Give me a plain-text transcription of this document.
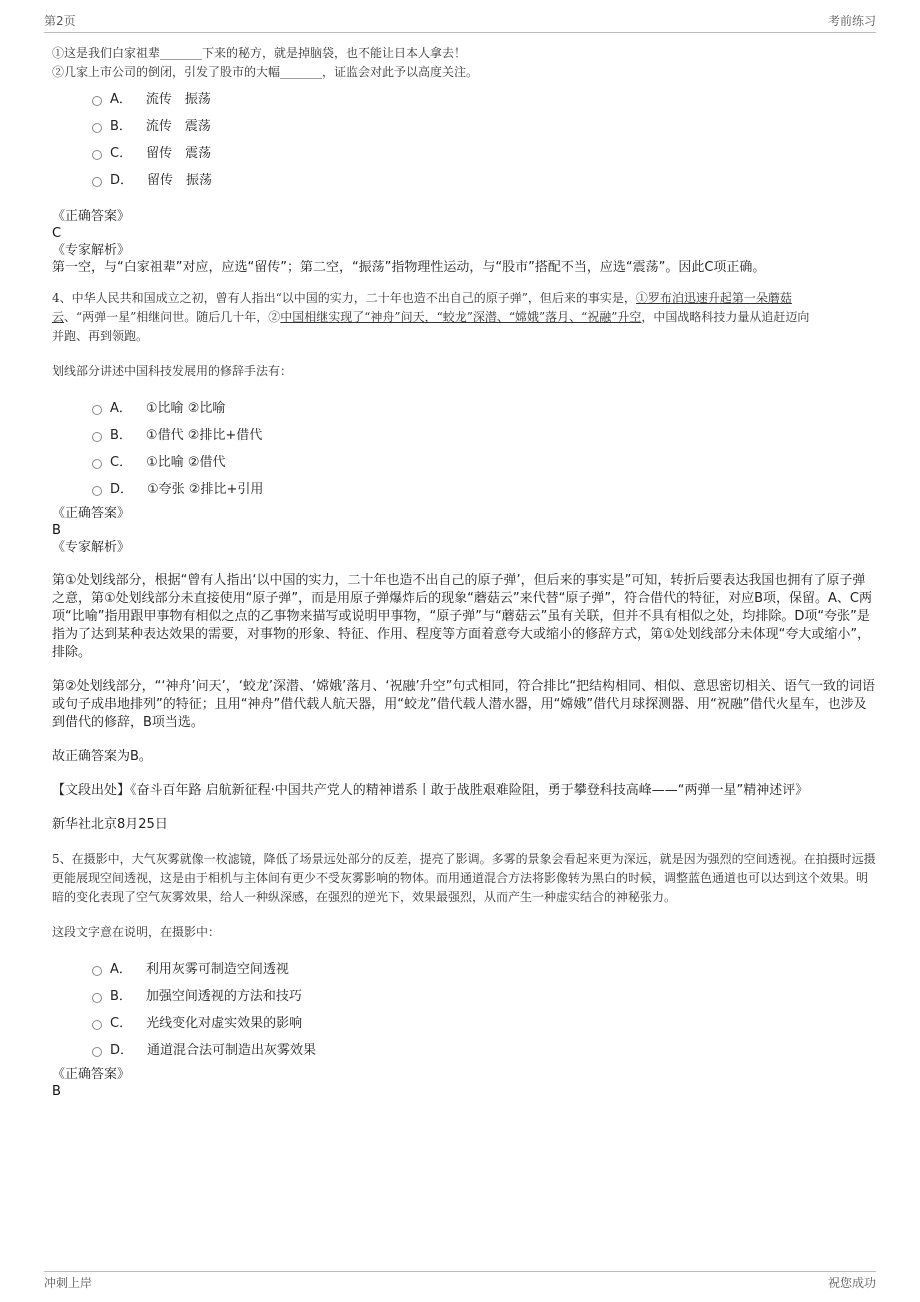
第2页	考前练习
①这是我们白家祖辈_______下来的秘方，就是掉脑袋，也不能让日本人拿去！
②几家上市公司的倒闭，引发了股市的大幅_______，证监会对此予以高度关注。
A． 流传　振荡
B． 流传　震荡
C． 留传　震荡
D． 留传　振荡
《正确答案》
C
《专家解析》
第一空，与“白家祖辈”对应，应选“留传”；第二空，“振荡”指物理性运动，与“股市”搭配不当，应选“震荡”。因此C项正确。
4、中华人民共和国成立之初，曾有人指出“以中国的实力，二十年也造不出自己的原子弹”，但后来的事实是，①罗布泊迅速升起第一朵蘑菇
云、“两弹一星”相继问世。随后几十年，②中国相继实现了“神舟”问天，“蛟龙”深潜、“嫦娥”落月、“祝融”升空，中国战略科技力量从追赶迈向
并跑、再到领跑。
划线部分讲述中国科技发展用的修辞手法有：
A． ①比喻 ②比喻
B． ①借代 ②排比+借代
C． ①比喻 ②借代
D． ①夸张 ②排比+引用
《正确答案》
B
《专家解析》
第①处划线部分，根据“曾有人指出‘以中国的实力，二十年也造不出自己的原子弹’，但后来的事实是”可知，转折后要表达我国也拥有了原子弹之意，第①处划线部分未直接使用“原子弹”，而是用原子弹爆炸后的现象“蘑菇云”来代替“原子弹”，符合借代的特征，对应B项，保留。A、C两项“比喻”指用跟甲事物有相似之点的乙事物来描写或说明甲事物，“原子弹”与“蘑菇云”虽有关联，但并不具有相似之处，均排除。D项“夸张”是指为了达到某种表达效果的需要，对事物的形象、特征、作用、程度等方面着意夸大或缩小的修辞方式，第①处划线部分未体现“夸大或缩小”，排除。
第②处划线部分，“‘神舟’问天’，‘蛟龙’深潜、‘嫦娥’落月、‘祝融’升空”句式相同，符合排比“把结构相同、相似、意思密切相关、语气一致的词语或句子成串地排列”的特征；且用“神舟”借代载人航天器，用“蛟龙”借代载人潜水器，用“嫦娥”借代月球探测器、用“祝融”借代火星车，也涉及到借代的修辞，B项当选。
故正确答案为B。
【文段出处】《奋斗百年路 启航新征程·中国共产党人的精神谱系丨敢于战胜艰难险阻，勇于攀登科技高峰——“两弹一星”精神述评》
新华社北京8月25日
5、在摄影中，大气灰雾就像一枚滤镜，降低了场景远处部分的反差，提亮了影调。多雾的景象会看起来更为深远，就是因为强烈的空间透视。在拍摄时远摄更能展现空间透视，这是由于相机与主体间有更少不受灰雾影响的物体。而用通道混合方法将影像转为黑白的时候，调整蓝色通道也可以达到这个效果。明暗的变化表现了空气灰雾效果，给人一种纵深感，在强烈的逆光下，效果最强烈，从而产生一种虚实结合的神秘张力。
这段文字意在说明，在摄影中：
A． 利用灰雾可制造空间透视
B． 加强空间透视的方法和技巧
C． 光线变化对虚实效果的影响
D． 通道混合法可制造出灰雾效果
《正确答案》
B
冲刺上岸	祝您成功
